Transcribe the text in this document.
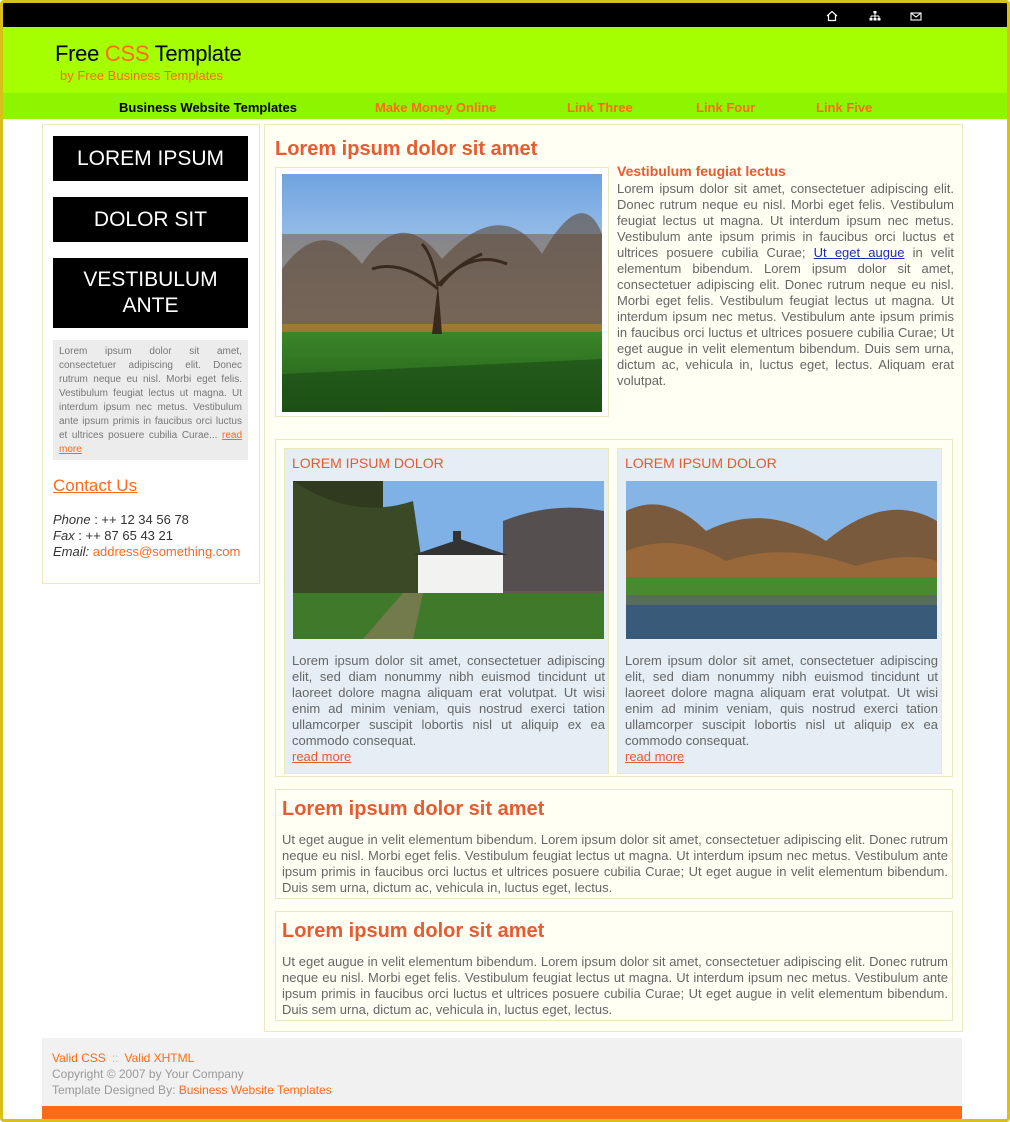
Free CSS Template
by Free Business Templates
Business Website Templates	Make Money Online	Link Three	Link Four	Link Five
LOREM IPSUM
DOLOR SIT
VESTIBULUM ANTE
Lorem ipsum dolor sit amet, consectetuer adipiscing elit. Donec rutrum neque eu nisl. Morbi eget felis. Vestibulum feugiat lectus ut magna. Ut interdum ipsum nec metus. Vestibulum ante ipsum primis in faucibus orci luctus et ultrices posuere cubilia Curae... read more
Contact Us
Phone : ++ 12 34 56 78
Fax : ++ 87 65 43 21
Email: address@something.com
Lorem ipsum dolor sit amet
Vestibulum feugiat lectus
Lorem ipsum dolor sit amet, consectetuer adipiscing elit. Donec rutrum neque eu nisl. Morbi eget felis. Vestibulum feugiat lectus ut magna. Ut interdum ipsum nec metus. Vestibulum ante ipsum primis in faucibus orci luctus et ultrices posuere cubilia Curae; Ut eget augue in velit elementum bibendum. Lorem ipsum dolor sit amet, consectetuer adipiscing elit. Donec rutrum neque eu nisl. Morbi eget felis. Vestibulum feugiat lectus ut magna. Ut interdum ipsum nec metus. Vestibulum ante ipsum primis in faucibus orci luctus et ultrices posuere cubilia Curae; Ut eget augue in velit elementum bibendum. Duis sem urna, dictum ac, vehicula in, luctus eget, lectus. Aliquam erat volutpat.
LOREM IPSUM DOLOR
Lorem ipsum dolor sit amet, consectetuer adipiscing elit, sed diam nonummy nibh euismod tincidunt ut laoreet dolore magna aliquam erat volutpat. Ut wisi enim ad minim veniam, quis nostrud exerci tation ullamcorper suscipit lobortis nisl ut aliquip ex ea commodo consequat.
read more
LOREM IPSUM DOLOR
Lorem ipsum dolor sit amet, consectetuer adipiscing elit, sed diam nonummy nibh euismod tincidunt ut laoreet dolore magna aliquam erat volutpat. Ut wisi enim ad minim veniam, quis nostrud exerci tation ullamcorper suscipit lobortis nisl ut aliquip ex ea commodo consequat.
read more
Lorem ipsum dolor sit amet
Ut eget augue in velit elementum bibendum. Lorem ipsum dolor sit amet, consectetuer adipiscing elit. Donec rutrum neque eu nisl. Morbi eget felis. Vestibulum feugiat lectus ut magna. Ut interdum ipsum nec metus. Vestibulum ante ipsum primis in faucibus orci luctus et ultrices posuere cubilia Curae; Ut eget augue in velit elementum bibendum. Duis sem urna, dictum ac, vehicula in, luctus eget, lectus.
Lorem ipsum dolor sit amet
Ut eget augue in velit elementum bibendum. Lorem ipsum dolor sit amet, consectetuer adipiscing elit. Donec rutrum neque eu nisl. Morbi eget felis. Vestibulum feugiat lectus ut magna. Ut interdum ipsum nec metus. Vestibulum ante ipsum primis in faucibus orci luctus et ultrices posuere cubilia Curae; Ut eget augue in velit elementum bibendum. Duis sem urna, dictum ac, vehicula in, luctus eget, lectus.
Valid CSS :: Valid XHTML
Copyright © 2007 by Your Company
Template Designed By: Business Website Templates
